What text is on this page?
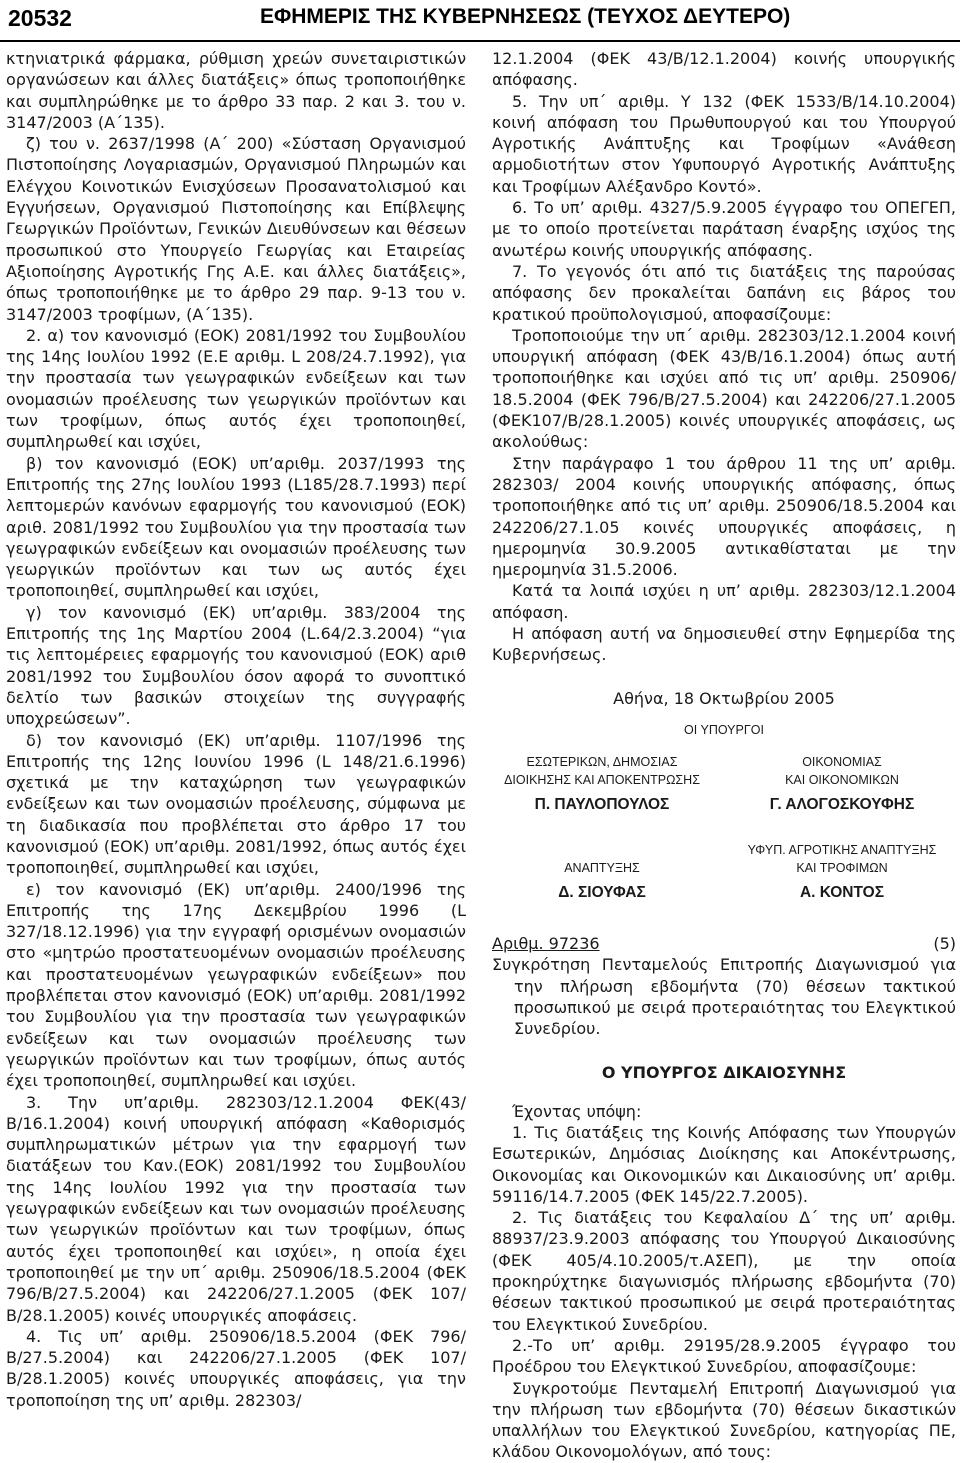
20532	ΕΦΗΜΕΡΙΣ ΤΗΣ ΚΥΒΕΡΝΗΣΕΩΣ (ΤΕΥΧΟΣ ΔΕΥΤΕΡΟ)

κτηνιατρικά φάρμακα, ρύθμιση χρεών συνεταιριστικών οργανώσεων και άλλες διατάξεις» όπως τροποποιήθηκε και συμπληρώθηκε με το άρθρο 33 παρ. 2 και 3. του ν. 3147/2003 (Α΄135).

ζ) του ν. 2637/1998 (Α΄ 200) «Σύσταση Οργανισμού Πιστοποίησης Λογαριασμών, Οργανισμού Πληρωμών και Ελέγχου Κοινοτικών Ενισχύσεων Προσανατολισμού και Εγγυήσεων, Οργανισμού Πιστοποίησης και Επίβλεψης Γεωργικών Προϊόντων, Γενικών Διευθύνσεων και θέσεων προσωπικού στο Υπουργείο Γεωργίας και Εταιρείας Αξιοποίησης Αγροτικής Γης Α.Ε. και άλλες διατάξεις», όπως τροποποιήθηκε με το άρθρο 29 παρ. 9-13 του ν. 3147/2003 τροφίμων, (Α΄135).

2. α) τον κανονισμό (ΕΟΚ) 2081/1992 του Συμβουλίου της 14ης Ιουλίου 1992 (Ε.Ε αριθμ. L 208/24.7.1992), για την προστασία των γεωγραφικών ενδείξεων και των ονομασιών προέλευσης των γεωργικών προϊόντων και των τροφίμων, όπως αυτός έχει τροποποιηθεί, συμπληρωθεί και ισχύει,

β) τον κανονισμό (ΕΟΚ) υπ’αριθμ. 2037/1993 της Επιτροπής της 27ης Ιουλίου 1993 (L185/28.7.1993) περί λεπτομερών κανόνων εφαρμογής του κανονισμού (ΕΟΚ) αριθ. 2081/1992 του Συμβουλίου για την προστασία των γεωγραφικών ενδείξεων και ονομασιών προέλευσης των γεωργικών προϊόντων και των ως αυτός έχει τροποποιηθεί, συμπληρωθεί και ισχύει,

γ) τον κανονισμό (ΕΚ) υπ’αριθμ. 383/2004 της Επιτροπής της 1ης Μαρτίου 2004 (L.64/2.3.2004) “για τις λεπτομέρειες εφαρμογής του κανονισμού (ΕΟΚ) αριθ 2081/1992 του Συμβουλίου όσον αφορά το συνοπτικό δελτίο των βασικών στοιχείων της συγγραφής υποχρεώσεων”.

δ) τον κανονισμό (ΕΚ) υπ’αριθμ. 1107/1996 της Επιτροπής της 12ης Ιουνίου 1996 (L 148/21.6.1996) σχετικά με την καταχώρηση των γεωγραφικών ενδείξεων και των ονομασιών προέλευσης, σύμφωνα με τη διαδικασία που προβλέπεται στο άρθρο 17 του κανονισμού (ΕΟΚ) υπ’αριθμ. 2081/1992, όπως αυτός έχει τροποποιηθεί, συμπληρωθεί και ισχύει,

ε) τον κανονισμό (ΕΚ) υπ’αριθμ. 2400/1996 της Επιτροπής της 17ης Δεκεμβρίου 1996 (L 327/18.12.1996) για την εγγραφή ορισμένων ονομασιών στο «μητρώο προστατευομένων ονομασιών προέλευσης και προστατευομένων γεωγραφικών ενδείξεων» που προβλέπεται στον κανονισμό (ΕΟΚ) υπ’αριθμ. 2081/1992 του Συμβουλίου για την προστασία των γεωγραφικών ενδείξεων και των ονομασιών προέλευσης των γεωργικών προϊόντων και των τροφίμων, όπως αυτός έχει τροποποιηθεί, συμπληρωθεί και ισχύει.

3. Την υπ’αριθμ. 282303/12.1.2004 ΦΕΚ(43/Β/16.1.2004) κοινή υπουργική απόφαση «Καθορισμός συμπληρωματικών μέτρων για την εφαρμογή των διατάξεων του Καν.(ΕΟΚ) 2081/1992 του Συμβουλίου της 14ης Ιουλίου 1992 για την προστασία των γεωγραφικών ενδείξεων και των ονομασιών προέλευσης των γεωργικών προϊόντων και των τροφίμων, όπως αυτός έχει τροποποιηθεί και ισχύει», η οποία έχει τροποποιηθεί με την υπ΄ αριθμ. 250906/18.5.2004 (ΦΕΚ 796/Β/27.5.2004) και 242206/27.1.2005 (ΦΕΚ 107/Β/28.1.2005) κοινές υπουργικές αποφάσεις.

4. Τις υπ’ αριθμ. 250906/18.5.2004 (ΦΕΚ 796/Β/27.5.2004) και 242206/27.1.2005 (ΦΕΚ 107/Β/28.1.2005) κοινές υπουργικές αποφάσεις, για την τροποποίηση της υπ’ αριθμ. 282303/

12.1.2004 (ΦΕΚ 43/Β/12.1.2004) κοινής υπουργικής απόφασης.

5. Την υπ΄ αριθμ. Υ 132 (ΦΕΚ 1533/Β/14.10.2004) κοινή απόφαση του Πρωθυπουργού και του Υπουργού Αγροτικής Ανάπτυξης και Τροφίμων «Ανάθεση αρμοδιοτήτων στον Υφυπουργό Αγροτικής Ανάπτυξης και Τροφίμων Αλέξανδρο Κοντό».

6. Το υπ’ αριθμ. 4327/5.9.2005 έγγραφο του ΟΠΕΓΕΠ, με το οποίο προτείνεται παράταση έναρξης ισχύος της ανωτέρω κοινής υπουργικής απόφασης.

7. Το γεγονός ότι από τις διατάξεις της παρούσας απόφασης δεν προκαλείται δαπάνη εις βάρος του κρατικού προϋπολογισμού, αποφασίζουμε:

Τροποποιούμε την υπ΄ αριθμ. 282303/12.1.2004 κοινή υπουργική απόφαση (ΦΕΚ 43/Β/16.1.2004) όπως αυτή τροποποιήθηκε και ισχύει από τις υπ’ αριθμ. 250906/ 18.5.2004 (ΦΕΚ 796/Β/27.5.2004) και 242206/27.1.2005 (ΦΕΚ107/Β/28.1.2005) κοινές υπουργικές αποφάσεις, ως ακολούθως:

Στην παράγραφο 1 του άρθρου 11 της υπ’ αριθμ. 282303/ 2004 κοινής υπουργικής απόφασης, όπως τροποποιήθηκε από τις υπ’ αριθμ. 250906/18.5.2004 και 242206/27.1.05 κοινές υπουργικές αποφάσεις, η ημερομηνία 30.9.2005 αντικαθίσταται με την ημερομηνία 31.5.2006.

Κατά τα λοιπά ισχύει η υπ’ αριθμ. 282303/12.1.2004 απόφαση.

Η απόφαση αυτή να δημοσιευθεί στην Εφημερίδα της Κυβερνήσεως.

Αθήνα, 18 Οκτωβρίου 2005

ΟΙ ΥΠΟΥΡΓΟΙ
ΕΣΩΤΕΡΙΚΩΝ, ΔΗΜΟΣΙΑΣ
ΔΙΟΙΚΗΣΗΣ ΚΑΙ ΑΠΟΚΕΝΤΡΩΣΗΣ
Π. ΠΑΥΛΟΠΟΥΛΟΣ
ΟΙΚΟΝΟΜΙΑΣ
ΚΑΙ ΟΙΚΟΝΟΜΙΚΩΝ
Γ. ΑΛΟΓΟΣΚΟΥΦΗΣ
ΑΝΑΠΤΥΞΗΣ
Δ. ΣΙΟΥΦΑΣ
ΥΦΥΠ. ΑΓΡΟΤΙΚΗΣ ΑΝΑΠΤΥΞΗΣ
ΚΑΙ ΤΡΟΦΙΜΩΝ
Α. ΚΟΝΤΟΣ
Αριθμ. 97236	(5)

Συγκρότηση Πενταμελούς Επιτροπής Διαγωνισμού για την πλήρωση εβδομήντα (70) θέσεων τακτικού προσωπικού με σειρά προτεραιότητας του Ελεγκτικού Συνεδρίου.

Ο ΥΠΟΥΡΓΟΣ ΔΙΚΑΙΟΣΥΝΗΣ

Έχοντας υπόψη:

1. Τις διατάξεις της Κοινής Απόφασης των Υπουργών Εσωτερικών, Δημόσιας Διοίκησης και Αποκέντρωσης, Οικονομίας και Οικονομικών και Δικαιοσύνης υπ’ αριθμ. 59116/14.7.2005 (ΦΕΚ 145/22.7.2005).

2. Τις διατάξεις του Κεφαλαίου Δ΄ της υπ’ αριθμ. 88937/23.9.2003 απόφασης του Υπουργού Δικαιοσύνης (ΦΕΚ 405/4.10.2005/τ.ΑΣΕΠ), με την οποία προκηρύχτηκε διαγωνισμός πλήρωσης εβδομήντα (70) θέσεων τακτικού προσωπικού με σειρά προτεραιότητας του Ελεγκτικού Συνεδρίου.

2.-Το υπ’ αριθμ. 29195/28.9.2005 έγγραφο του Προέδρου του Ελεγκτικού Συνεδρίου, αποφασίζουμε:

Συγκροτούμε Πενταμελή Επιτροπή Διαγωνισμού για την πλήρωση των εβδομήντα (70) θέσεων δικαστικών υπαλλήλων του Ελεγκτικού Συνεδρίου, κατηγορίας ΠΕ, κλάδου Οικονομολόγων, από τους:
